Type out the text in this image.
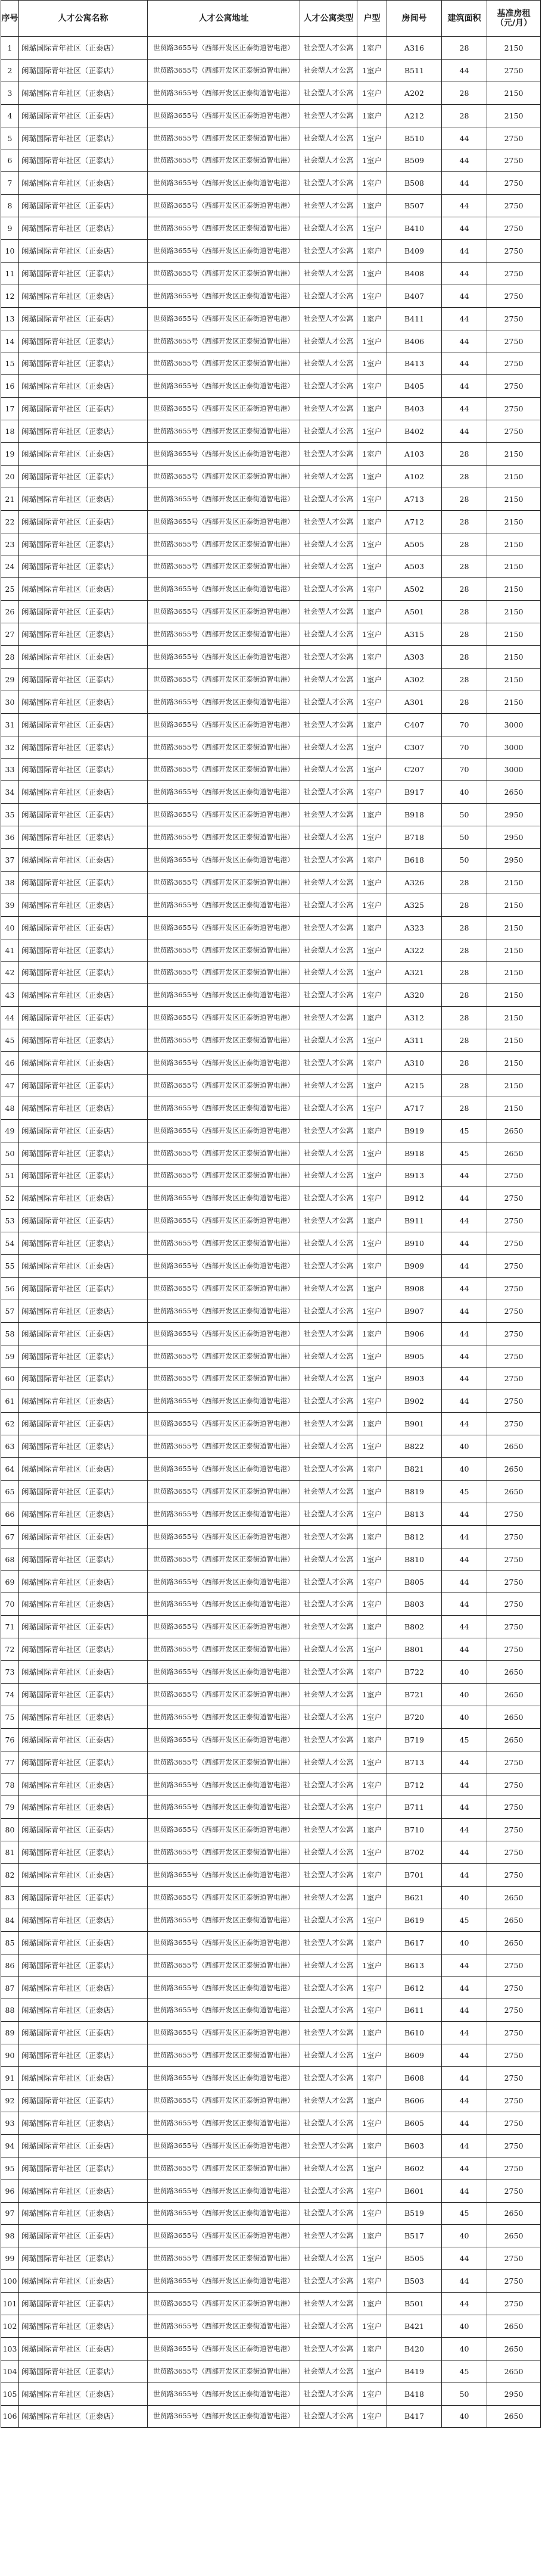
序号	人才公寓名称	人才公寓地址	人才公寓类型	户型	房间号	建筑面积	基准房租（元/月）
1	闲璐国际青年社区（正泰店）	世贸路3655号（西部开发区正泰街道智电港）	社会型人才公寓	1室户	A316	28	2150
2	闲璐国际青年社区（正泰店）	世贸路3655号（西部开发区正泰街道智电港）	社会型人才公寓	1室户	B511	44	2750
3	闲璐国际青年社区（正泰店）	世贸路3655号（西部开发区正泰街道智电港）	社会型人才公寓	1室户	A202	28	2150
4	闲璐国际青年社区（正泰店）	世贸路3655号（西部开发区正泰街道智电港）	社会型人才公寓	1室户	A212	28	2150
5	闲璐国际青年社区（正泰店）	世贸路3655号（西部开发区正泰街道智电港）	社会型人才公寓	1室户	B510	44	2750
6	闲璐国际青年社区（正泰店）	世贸路3655号（西部开发区正泰街道智电港）	社会型人才公寓	1室户	B509	44	2750
7	闲璐国际青年社区（正泰店）	世贸路3655号（西部开发区正泰街道智电港）	社会型人才公寓	1室户	B508	44	2750
8	闲璐国际青年社区（正泰店）	世贸路3655号（西部开发区正泰街道智电港）	社会型人才公寓	1室户	B507	44	2750
9	闲璐国际青年社区（正泰店）	世贸路3655号（西部开发区正泰街道智电港）	社会型人才公寓	1室户	B410	44	2750
10	闲璐国际青年社区（正泰店）	世贸路3655号（西部开发区正泰街道智电港）	社会型人才公寓	1室户	B409	44	2750
11	闲璐国际青年社区（正泰店）	世贸路3655号（西部开发区正泰街道智电港）	社会型人才公寓	1室户	B408	44	2750
12	闲璐国际青年社区（正泰店）	世贸路3655号（西部开发区正泰街道智电港）	社会型人才公寓	1室户	B407	44	2750
13	闲璐国际青年社区（正泰店）	世贸路3655号（西部开发区正泰街道智电港）	社会型人才公寓	1室户	B411	44	2750
14	闲璐国际青年社区（正泰店）	世贸路3655号（西部开发区正泰街道智电港）	社会型人才公寓	1室户	B406	44	2750
15	闲璐国际青年社区（正泰店）	世贸路3655号（西部开发区正泰街道智电港）	社会型人才公寓	1室户	B413	44	2750
16	闲璐国际青年社区（正泰店）	世贸路3655号（西部开发区正泰街道智电港）	社会型人才公寓	1室户	B405	44	2750
17	闲璐国际青年社区（正泰店）	世贸路3655号（西部开发区正泰街道智电港）	社会型人才公寓	1室户	B403	44	2750
18	闲璐国际青年社区（正泰店）	世贸路3655号（西部开发区正泰街道智电港）	社会型人才公寓	1室户	B402	44	2750
19	闲璐国际青年社区（正泰店）	世贸路3655号（西部开发区正泰街道智电港）	社会型人才公寓	1室户	A103	28	2150
20	闲璐国际青年社区（正泰店）	世贸路3655号（西部开发区正泰街道智电港）	社会型人才公寓	1室户	A102	28	2150
21	闲璐国际青年社区（正泰店）	世贸路3655号（西部开发区正泰街道智电港）	社会型人才公寓	1室户	A713	28	2150
22	闲璐国际青年社区（正泰店）	世贸路3655号（西部开发区正泰街道智电港）	社会型人才公寓	1室户	A712	28	2150
23	闲璐国际青年社区（正泰店）	世贸路3655号（西部开发区正泰街道智电港）	社会型人才公寓	1室户	A505	28	2150
24	闲璐国际青年社区（正泰店）	世贸路3655号（西部开发区正泰街道智电港）	社会型人才公寓	1室户	A503	28	2150
25	闲璐国际青年社区（正泰店）	世贸路3655号（西部开发区正泰街道智电港）	社会型人才公寓	1室户	A502	28	2150
26	闲璐国际青年社区（正泰店）	世贸路3655号（西部开发区正泰街道智电港）	社会型人才公寓	1室户	A501	28	2150
27	闲璐国际青年社区（正泰店）	世贸路3655号（西部开发区正泰街道智电港）	社会型人才公寓	1室户	A315	28	2150
28	闲璐国际青年社区（正泰店）	世贸路3655号（西部开发区正泰街道智电港）	社会型人才公寓	1室户	A303	28	2150
29	闲璐国际青年社区（正泰店）	世贸路3655号（西部开发区正泰街道智电港）	社会型人才公寓	1室户	A302	28	2150
30	闲璐国际青年社区（正泰店）	世贸路3655号（西部开发区正泰街道智电港）	社会型人才公寓	1室户	A301	28	2150
31	闲璐国际青年社区（正泰店）	世贸路3655号（西部开发区正泰街道智电港）	社会型人才公寓	1室户	C407	70	3000
32	闲璐国际青年社区（正泰店）	世贸路3655号（西部开发区正泰街道智电港）	社会型人才公寓	1室户	C307	70	3000
33	闲璐国际青年社区（正泰店）	世贸路3655号（西部开发区正泰街道智电港）	社会型人才公寓	1室户	C207	70	3000
34	闲璐国际青年社区（正泰店）	世贸路3655号（西部开发区正泰街道智电港）	社会型人才公寓	1室户	B917	40	2650
35	闲璐国际青年社区（正泰店）	世贸路3655号（西部开发区正泰街道智电港）	社会型人才公寓	1室户	B918	50	2950
36	闲璐国际青年社区（正泰店）	世贸路3655号（西部开发区正泰街道智电港）	社会型人才公寓	1室户	B718	50	2950
37	闲璐国际青年社区（正泰店）	世贸路3655号（西部开发区正泰街道智电港）	社会型人才公寓	1室户	B618	50	2950
38	闲璐国际青年社区（正泰店）	世贸路3655号（西部开发区正泰街道智电港）	社会型人才公寓	1室户	A326	28	2150
39	闲璐国际青年社区（正泰店）	世贸路3655号（西部开发区正泰街道智电港）	社会型人才公寓	1室户	A325	28	2150
40	闲璐国际青年社区（正泰店）	世贸路3655号（西部开发区正泰街道智电港）	社会型人才公寓	1室户	A323	28	2150
41	闲璐国际青年社区（正泰店）	世贸路3655号（西部开发区正泰街道智电港）	社会型人才公寓	1室户	A322	28	2150
42	闲璐国际青年社区（正泰店）	世贸路3655号（西部开发区正泰街道智电港）	社会型人才公寓	1室户	A321	28	2150
43	闲璐国际青年社区（正泰店）	世贸路3655号（西部开发区正泰街道智电港）	社会型人才公寓	1室户	A320	28	2150
44	闲璐国际青年社区（正泰店）	世贸路3655号（西部开发区正泰街道智电港）	社会型人才公寓	1室户	A312	28	2150
45	闲璐国际青年社区（正泰店）	世贸路3655号（西部开发区正泰街道智电港）	社会型人才公寓	1室户	A311	28	2150
46	闲璐国际青年社区（正泰店）	世贸路3655号（西部开发区正泰街道智电港）	社会型人才公寓	1室户	A310	28	2150
47	闲璐国际青年社区（正泰店）	世贸路3655号（西部开发区正泰街道智电港）	社会型人才公寓	1室户	A215	28	2150
48	闲璐国际青年社区（正泰店）	世贸路3655号（西部开发区正泰街道智电港）	社会型人才公寓	1室户	A717	28	2150
49	闲璐国际青年社区（正泰店）	世贸路3655号（西部开发区正泰街道智电港）	社会型人才公寓	1室户	B919	45	2650
50	闲璐国际青年社区（正泰店）	世贸路3655号（西部开发区正泰街道智电港）	社会型人才公寓	1室户	B918	45	2650
51	闲璐国际青年社区（正泰店）	世贸路3655号（西部开发区正泰街道智电港）	社会型人才公寓	1室户	B913	44	2750
52	闲璐国际青年社区（正泰店）	世贸路3655号（西部开发区正泰街道智电港）	社会型人才公寓	1室户	B912	44	2750
53	闲璐国际青年社区（正泰店）	世贸路3655号（西部开发区正泰街道智电港）	社会型人才公寓	1室户	B911	44	2750
54	闲璐国际青年社区（正泰店）	世贸路3655号（西部开发区正泰街道智电港）	社会型人才公寓	1室户	B910	44	2750
55	闲璐国际青年社区（正泰店）	世贸路3655号（西部开发区正泰街道智电港）	社会型人才公寓	1室户	B909	44	2750
56	闲璐国际青年社区（正泰店）	世贸路3655号（西部开发区正泰街道智电港）	社会型人才公寓	1室户	B908	44	2750
57	闲璐国际青年社区（正泰店）	世贸路3655号（西部开发区正泰街道智电港）	社会型人才公寓	1室户	B907	44	2750
58	闲璐国际青年社区（正泰店）	世贸路3655号（西部开发区正泰街道智电港）	社会型人才公寓	1室户	B906	44	2750
59	闲璐国际青年社区（正泰店）	世贸路3655号（西部开发区正泰街道智电港）	社会型人才公寓	1室户	B905	44	2750
60	闲璐国际青年社区（正泰店）	世贸路3655号（西部开发区正泰街道智电港）	社会型人才公寓	1室户	B903	44	2750
61	闲璐国际青年社区（正泰店）	世贸路3655号（西部开发区正泰街道智电港）	社会型人才公寓	1室户	B902	44	2750
62	闲璐国际青年社区（正泰店）	世贸路3655号（西部开发区正泰街道智电港）	社会型人才公寓	1室户	B901	44	2750
63	闲璐国际青年社区（正泰店）	世贸路3655号（西部开发区正泰街道智电港）	社会型人才公寓	1室户	B822	40	2650
64	闲璐国际青年社区（正泰店）	世贸路3655号（西部开发区正泰街道智电港）	社会型人才公寓	1室户	B821	40	2650
65	闲璐国际青年社区（正泰店）	世贸路3655号（西部开发区正泰街道智电港）	社会型人才公寓	1室户	B819	45	2650
66	闲璐国际青年社区（正泰店）	世贸路3655号（西部开发区正泰街道智电港）	社会型人才公寓	1室户	B813	44	2750
67	闲璐国际青年社区（正泰店）	世贸路3655号（西部开发区正泰街道智电港）	社会型人才公寓	1室户	B812	44	2750
68	闲璐国际青年社区（正泰店）	世贸路3655号（西部开发区正泰街道智电港）	社会型人才公寓	1室户	B810	44	2750
69	闲璐国际青年社区（正泰店）	世贸路3655号（西部开发区正泰街道智电港）	社会型人才公寓	1室户	B805	44	2750
70	闲璐国际青年社区（正泰店）	世贸路3655号（西部开发区正泰街道智电港）	社会型人才公寓	1室户	B803	44	2750
71	闲璐国际青年社区（正泰店）	世贸路3655号（西部开发区正泰街道智电港）	社会型人才公寓	1室户	B802	44	2750
72	闲璐国际青年社区（正泰店）	世贸路3655号（西部开发区正泰街道智电港）	社会型人才公寓	1室户	B801	44	2750
73	闲璐国际青年社区（正泰店）	世贸路3655号（西部开发区正泰街道智电港）	社会型人才公寓	1室户	B722	40	2650
74	闲璐国际青年社区（正泰店）	世贸路3655号（西部开发区正泰街道智电港）	社会型人才公寓	1室户	B721	40	2650
75	闲璐国际青年社区（正泰店）	世贸路3655号（西部开发区正泰街道智电港）	社会型人才公寓	1室户	B720	40	2650
76	闲璐国际青年社区（正泰店）	世贸路3655号（西部开发区正泰街道智电港）	社会型人才公寓	1室户	B719	45	2650
77	闲璐国际青年社区（正泰店）	世贸路3655号（西部开发区正泰街道智电港）	社会型人才公寓	1室户	B713	44	2750
78	闲璐国际青年社区（正泰店）	世贸路3655号（西部开发区正泰街道智电港）	社会型人才公寓	1室户	B712	44	2750
79	闲璐国际青年社区（正泰店）	世贸路3655号（西部开发区正泰街道智电港）	社会型人才公寓	1室户	B711	44	2750
80	闲璐国际青年社区（正泰店）	世贸路3655号（西部开发区正泰街道智电港）	社会型人才公寓	1室户	B710	44	2750
81	闲璐国际青年社区（正泰店）	世贸路3655号（西部开发区正泰街道智电港）	社会型人才公寓	1室户	B702	44	2750
82	闲璐国际青年社区（正泰店）	世贸路3655号（西部开发区正泰街道智电港）	社会型人才公寓	1室户	B701	44	2750
83	闲璐国际青年社区（正泰店）	世贸路3655号（西部开发区正泰街道智电港）	社会型人才公寓	1室户	B621	40	2650
84	闲璐国际青年社区（正泰店）	世贸路3655号（西部开发区正泰街道智电港）	社会型人才公寓	1室户	B619	45	2650
85	闲璐国际青年社区（正泰店）	世贸路3655号（西部开发区正泰街道智电港）	社会型人才公寓	1室户	B617	40	2650
86	闲璐国际青年社区（正泰店）	世贸路3655号（西部开发区正泰街道智电港）	社会型人才公寓	1室户	B613	44	2750
87	闲璐国际青年社区（正泰店）	世贸路3655号（西部开发区正泰街道智电港）	社会型人才公寓	1室户	B612	44	2750
88	闲璐国际青年社区（正泰店）	世贸路3655号（西部开发区正泰街道智电港）	社会型人才公寓	1室户	B611	44	2750
89	闲璐国际青年社区（正泰店）	世贸路3655号（西部开发区正泰街道智电港）	社会型人才公寓	1室户	B610	44	2750
90	闲璐国际青年社区（正泰店）	世贸路3655号（西部开发区正泰街道智电港）	社会型人才公寓	1室户	B609	44	2750
91	闲璐国际青年社区（正泰店）	世贸路3655号（西部开发区正泰街道智电港）	社会型人才公寓	1室户	B608	44	2750
92	闲璐国际青年社区（正泰店）	世贸路3655号（西部开发区正泰街道智电港）	社会型人才公寓	1室户	B606	44	2750
93	闲璐国际青年社区（正泰店）	世贸路3655号（西部开发区正泰街道智电港）	社会型人才公寓	1室户	B605	44	2750
94	闲璐国际青年社区（正泰店）	世贸路3655号（西部开发区正泰街道智电港）	社会型人才公寓	1室户	B603	44	2750
95	闲璐国际青年社区（正泰店）	世贸路3655号（西部开发区正泰街道智电港）	社会型人才公寓	1室户	B602	44	2750
96	闲璐国际青年社区（正泰店）	世贸路3655号（西部开发区正泰街道智电港）	社会型人才公寓	1室户	B601	44	2750
97	闲璐国际青年社区（正泰店）	世贸路3655号（西部开发区正泰街道智电港）	社会型人才公寓	1室户	B519	45	2650
98	闲璐国际青年社区（正泰店）	世贸路3655号（西部开发区正泰街道智电港）	社会型人才公寓	1室户	B517	40	2650
99	闲璐国际青年社区（正泰店）	世贸路3655号（西部开发区正泰街道智电港）	社会型人才公寓	1室户	B505	44	2750
100	闲璐国际青年社区（正泰店）	世贸路3655号（西部开发区正泰街道智电港）	社会型人才公寓	1室户	B503	44	2750
101	闲璐国际青年社区（正泰店）	世贸路3655号（西部开发区正泰街道智电港）	社会型人才公寓	1室户	B501	44	2750
102	闲璐国际青年社区（正泰店）	世贸路3655号（西部开发区正泰街道智电港）	社会型人才公寓	1室户	B421	40	2650
103	闲璐国际青年社区（正泰店）	世贸路3655号（西部开发区正泰街道智电港）	社会型人才公寓	1室户	B420	40	2650
104	闲璐国际青年社区（正泰店）	世贸路3655号（西部开发区正泰街道智电港）	社会型人才公寓	1室户	B419	45	2650
105	闲璐国际青年社区（正泰店）	世贸路3655号（西部开发区正泰街道智电港）	社会型人才公寓	1室户	B418	50	2950
106	闲璐国际青年社区（正泰店）	世贸路3655号（西部开发区正泰街道智电港）	社会型人才公寓	1室户	B417	40	2650
